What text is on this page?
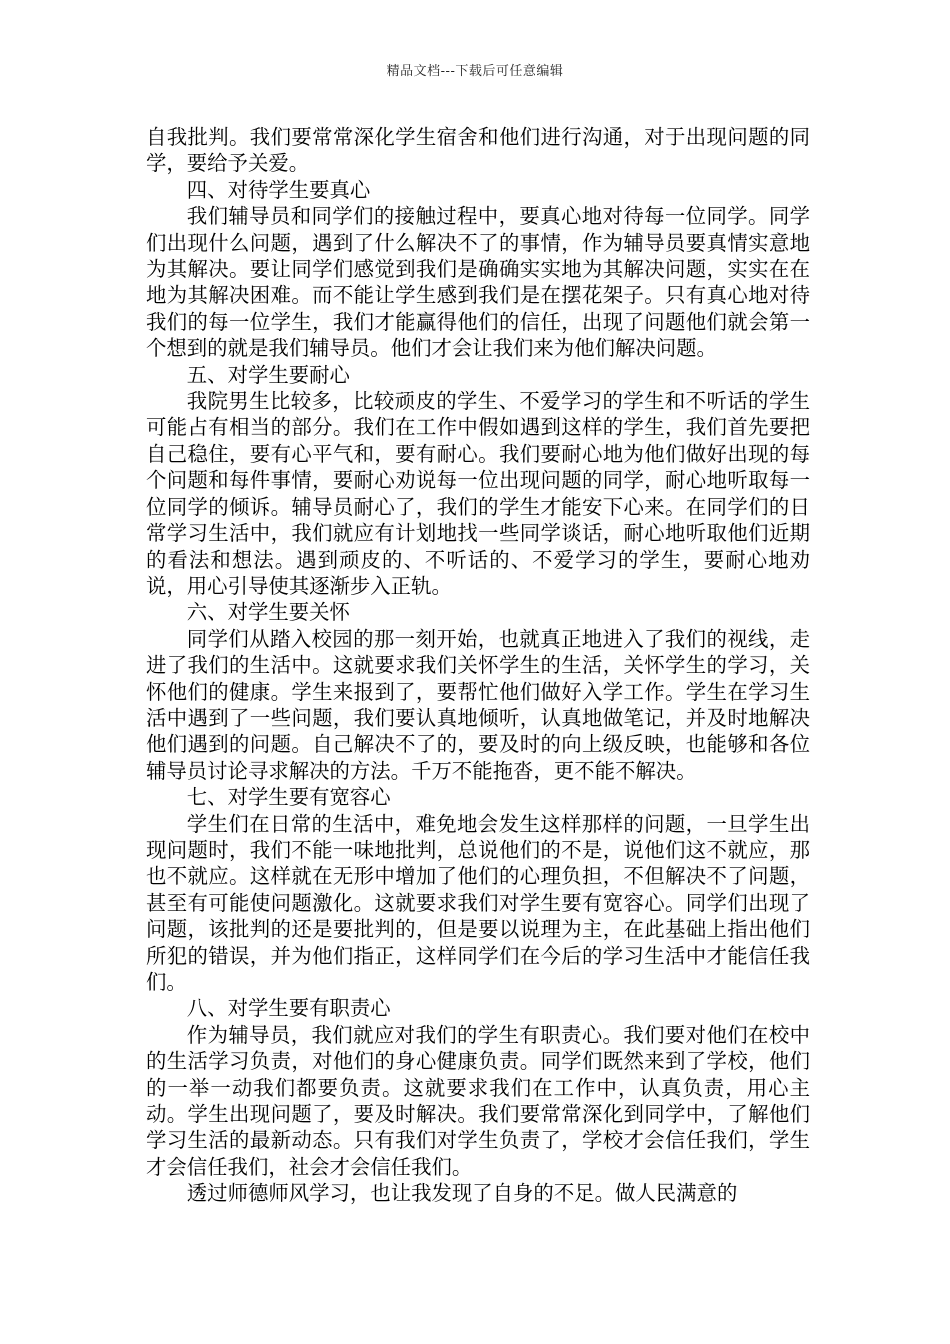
精品文档---下载后可任意编辑

自我批判。我们要常常深化学生宿舍和他们进行沟通，对于出现问题的同学，要给予关爱。

四、对待学生要真心

我们辅导员和同学们的接触过程中，要真心地对待每一位同学。同学们出现什么问题，遇到了什么解决不了的事情，作为辅导员要真情实意地为其解决。要让同学们感觉到我们是确确实实地为其解决问题，实实在在地为其解决困难。而不能让学生感到我们是在摆花架子。只有真心地对待我们的每一位学生，我们才能赢得他们的信任，出现了问题他们就会第一个想到的就是我们辅导员。他们才会让我们来为他们解决问题。

五、对学生要耐心

我院男生比较多，比较顽皮的学生、不爱学习的学生和不听话的学生可能占有相当的部分。我们在工作中假如遇到这样的学生，我们首先要把自己稳住，要有心平气和，要有耐心。我们要耐心地为他们做好出现的每个问题和每件事情，要耐心劝说每一位出现问题的同学，耐心地听取每一位同学的倾诉。辅导员耐心了，我们的学生才能安下心来。在同学们的日常学习生活中，我们就应有计划地找一些同学谈话，耐心地听取他们近期的看法和想法。遇到顽皮的、不听话的、不爱学习的学生，要耐心地劝说，用心引导使其逐渐步入正轨。

六、对学生要关怀

同学们从踏入校园的那一刻开始，也就真正地进入了我们的视线，走进了我们的生活中。这就要求我们关怀学生的生活，关怀学生的学习，关怀他们的健康。学生来报到了，要帮忙他们做好入学工作。学生在学习生活中遇到了一些问题，我们要认真地倾听，认真地做笔记，并及时地解决他们遇到的问题。自己解决不了的，要及时的向上级反映，也能够和各位辅导员讨论寻求解决的方法。千万不能拖沓，更不能不解决。

七、对学生要有宽容心

学生们在日常的生活中，难免地会发生这样那样的问题，一旦学生出现问题时，我们不能一味地批判，总说他们的不是，说他们这不就应，那也不就应。这样就在无形中增加了他们的心理负担，不但解决不了问题，甚至有可能使问题激化。这就要求我们对学生要有宽容心。同学们出现了问题，该批判的还是要批判的，但是要以说理为主，在此基础上指出他们所犯的错误，并为他们指正，这样同学们在今后的学习生活中才能信任我们。

八、对学生要有职责心

作为辅导员，我们就应对我们的学生有职责心。我们要对他们在校中的生活学习负责，对他们的身心健康负责。同学们既然来到了学校，他们的一举一动我们都要负责。这就要求我们在工作中，认真负责，用心主动。学生出现问题了，要及时解决。我们要常常深化到同学中，了解他们学习生活的最新动态。只有我们对学生负责了，学校才会信任我们，学生才会信任我们，社会才会信任我们。

透过师德师风学习，也让我发现了自身的不足。做人民满意的
